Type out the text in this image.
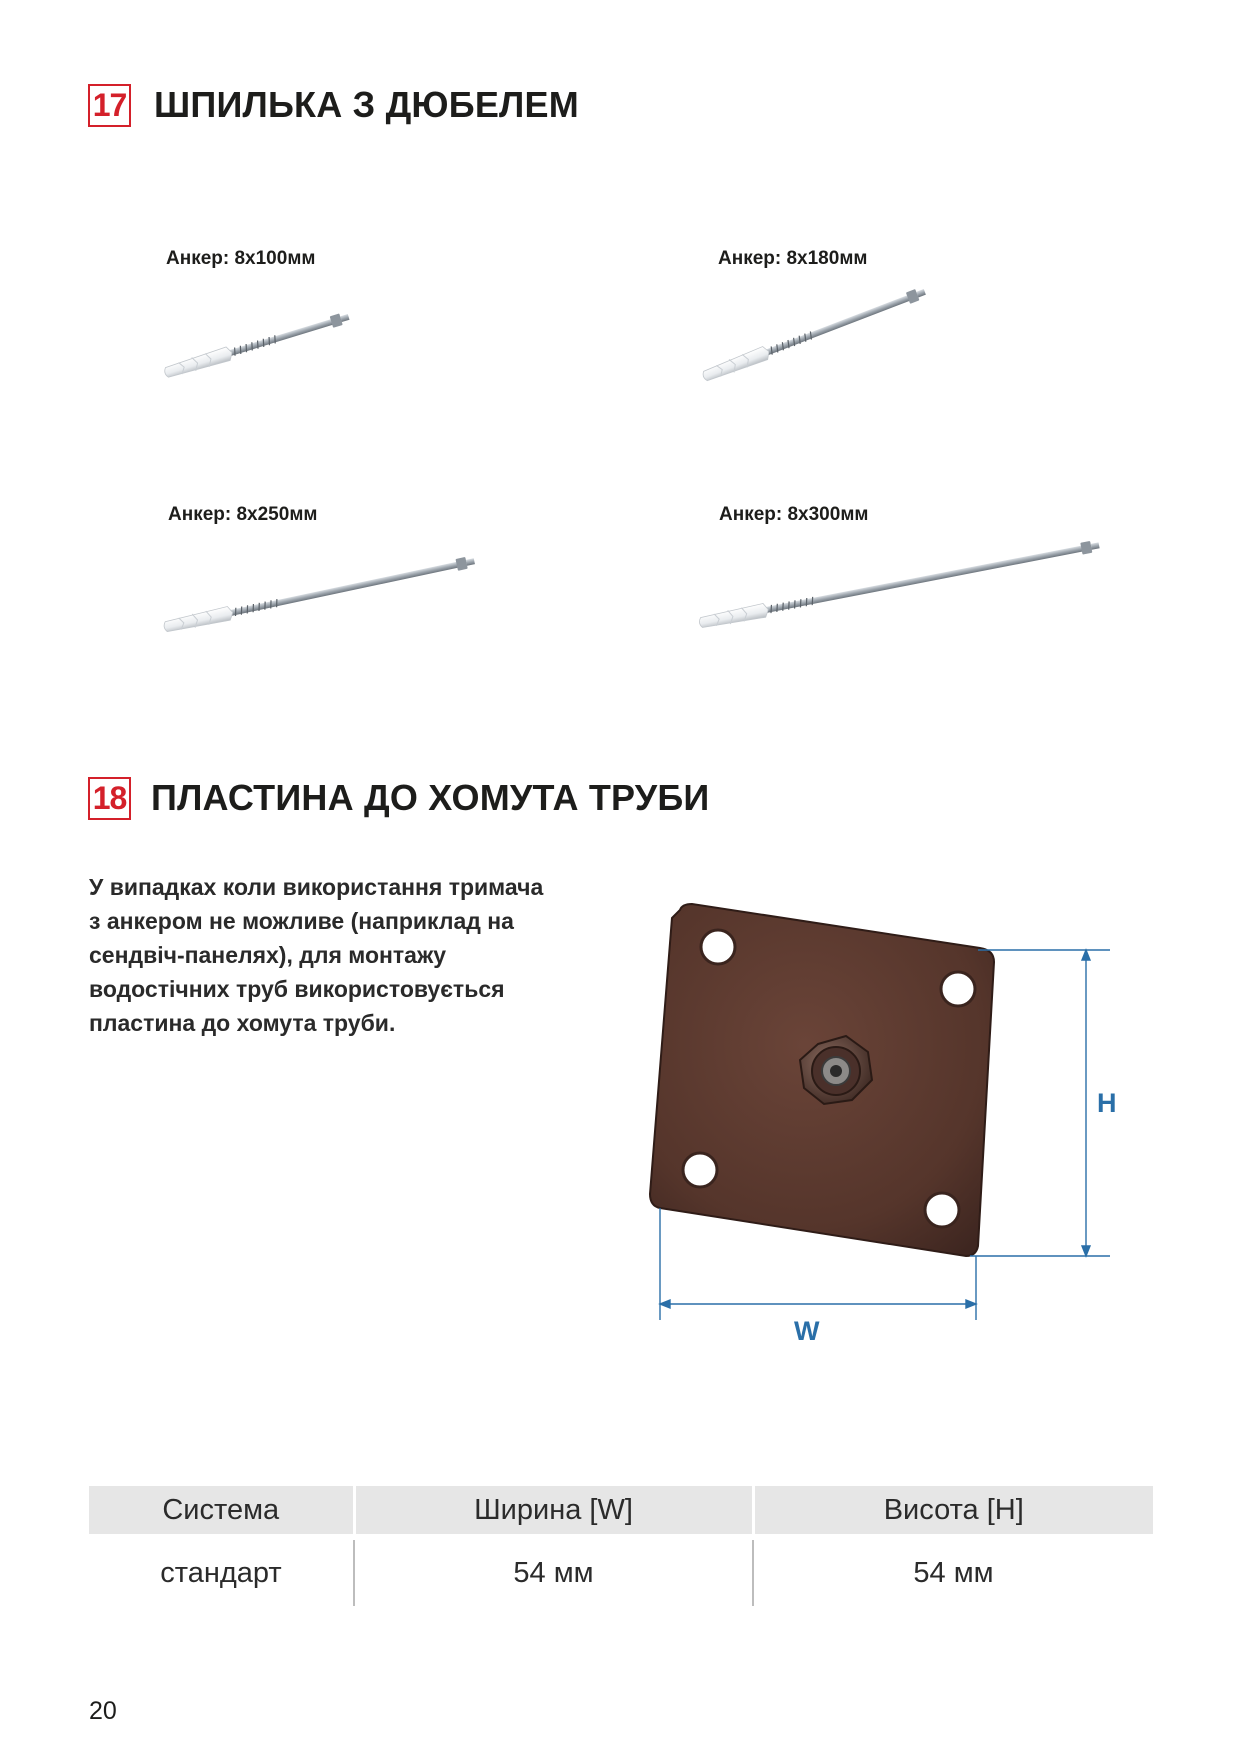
17 ШПИЛЬКА З ДЮБЕЛЕМ
Анкер: 8x100мм	Анкер: 8x180мм
Анкер: 8x250мм	Анкер: 8x300мм
18 ПЛАСТИНА ДО ХОМУТА ТРУБИ
У випадках коли використання тримача
з анкером не можливе (наприклад на
сендвіч-панелях), для монтажу
водостічних труб використовується
пластина до хомута труби.
H
W
Система	Ширина [W]	Висота [H]

стандарт	54 мм	54 мм
20
